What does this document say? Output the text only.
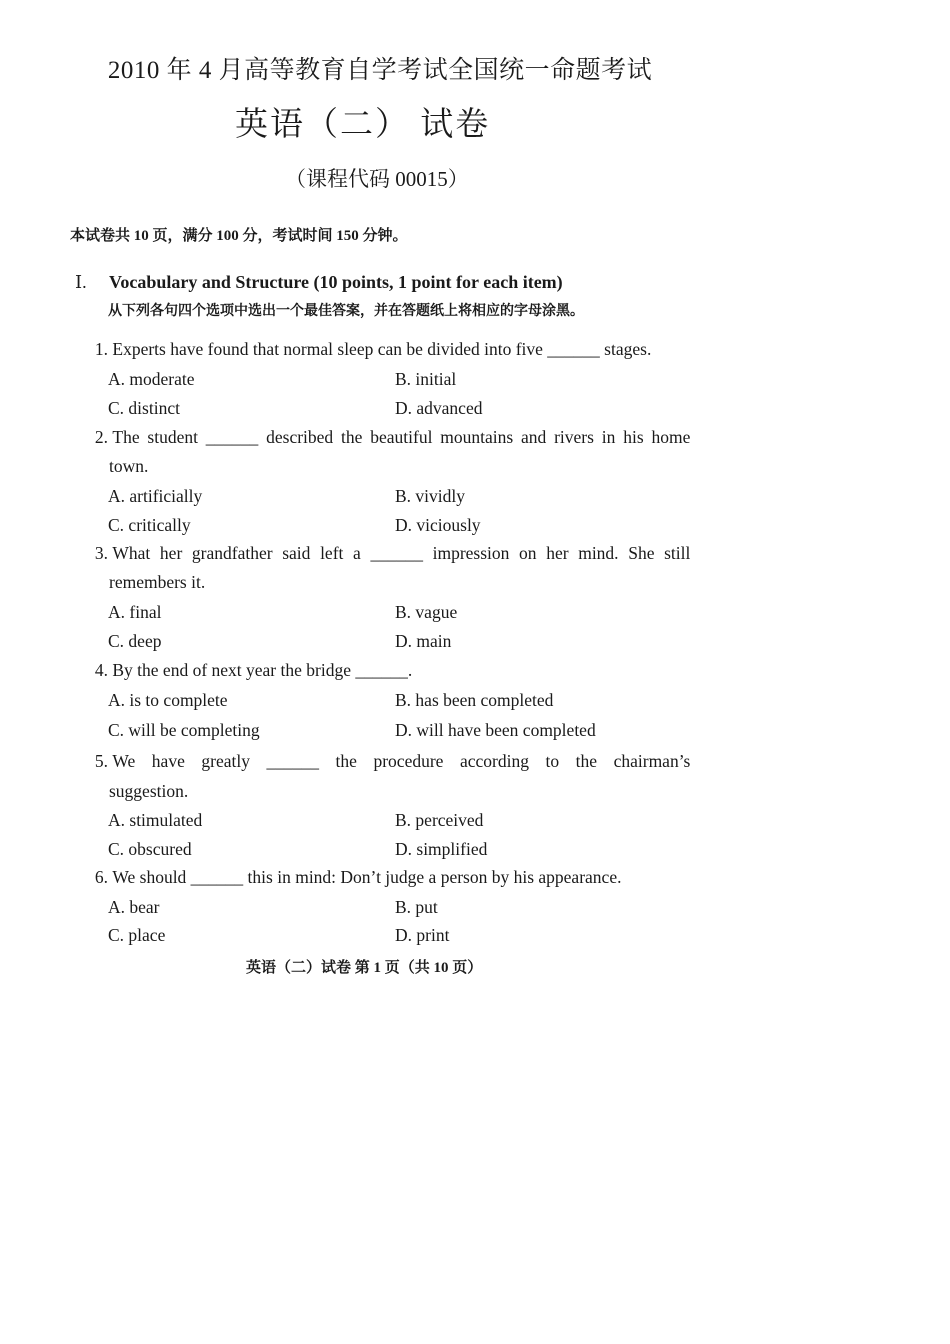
2010 年 4 月高等教育自学考试全国统一命题考试
英语（二） 试卷
（课程代码 00015）
本试卷共 10 页，满分 100 分，考试时间 150 分钟。
Ⅰ. Vocabulary and Structure (10 points, 1 point for each item)
从下列各句四个选项中选出一个最佳答案，并在答题纸上将相应的字母涂黑。
1. Experts have found that normal sleep can be divided into five ______ stages.
A. moderate	B. initial
C. distinct	D. advanced
2. The student ______ described the beautiful mountains and rivers in his home
town.
A. artificially	B. vividly
C. critically	D. viciously
3. What her grandfather said left a ______ impression on her mind. She still
remembers it.
A. final	B. vague
C. deep	D. main
4. By the end of next year the bridge ______.
A. is to complete	B. has been completed
C. will be completing	D. will have been completed
5. We have greatly ______ the procedure according to the chairman’s
suggestion.
A. stimulated	B. perceived
C. obscured	D. simplified
6. We should ______ this in mind: Don’t judge a person by his appearance.
A. bear	B. put
C. place	D. print
英语（二）试卷 第 1 页（共 10 页）
